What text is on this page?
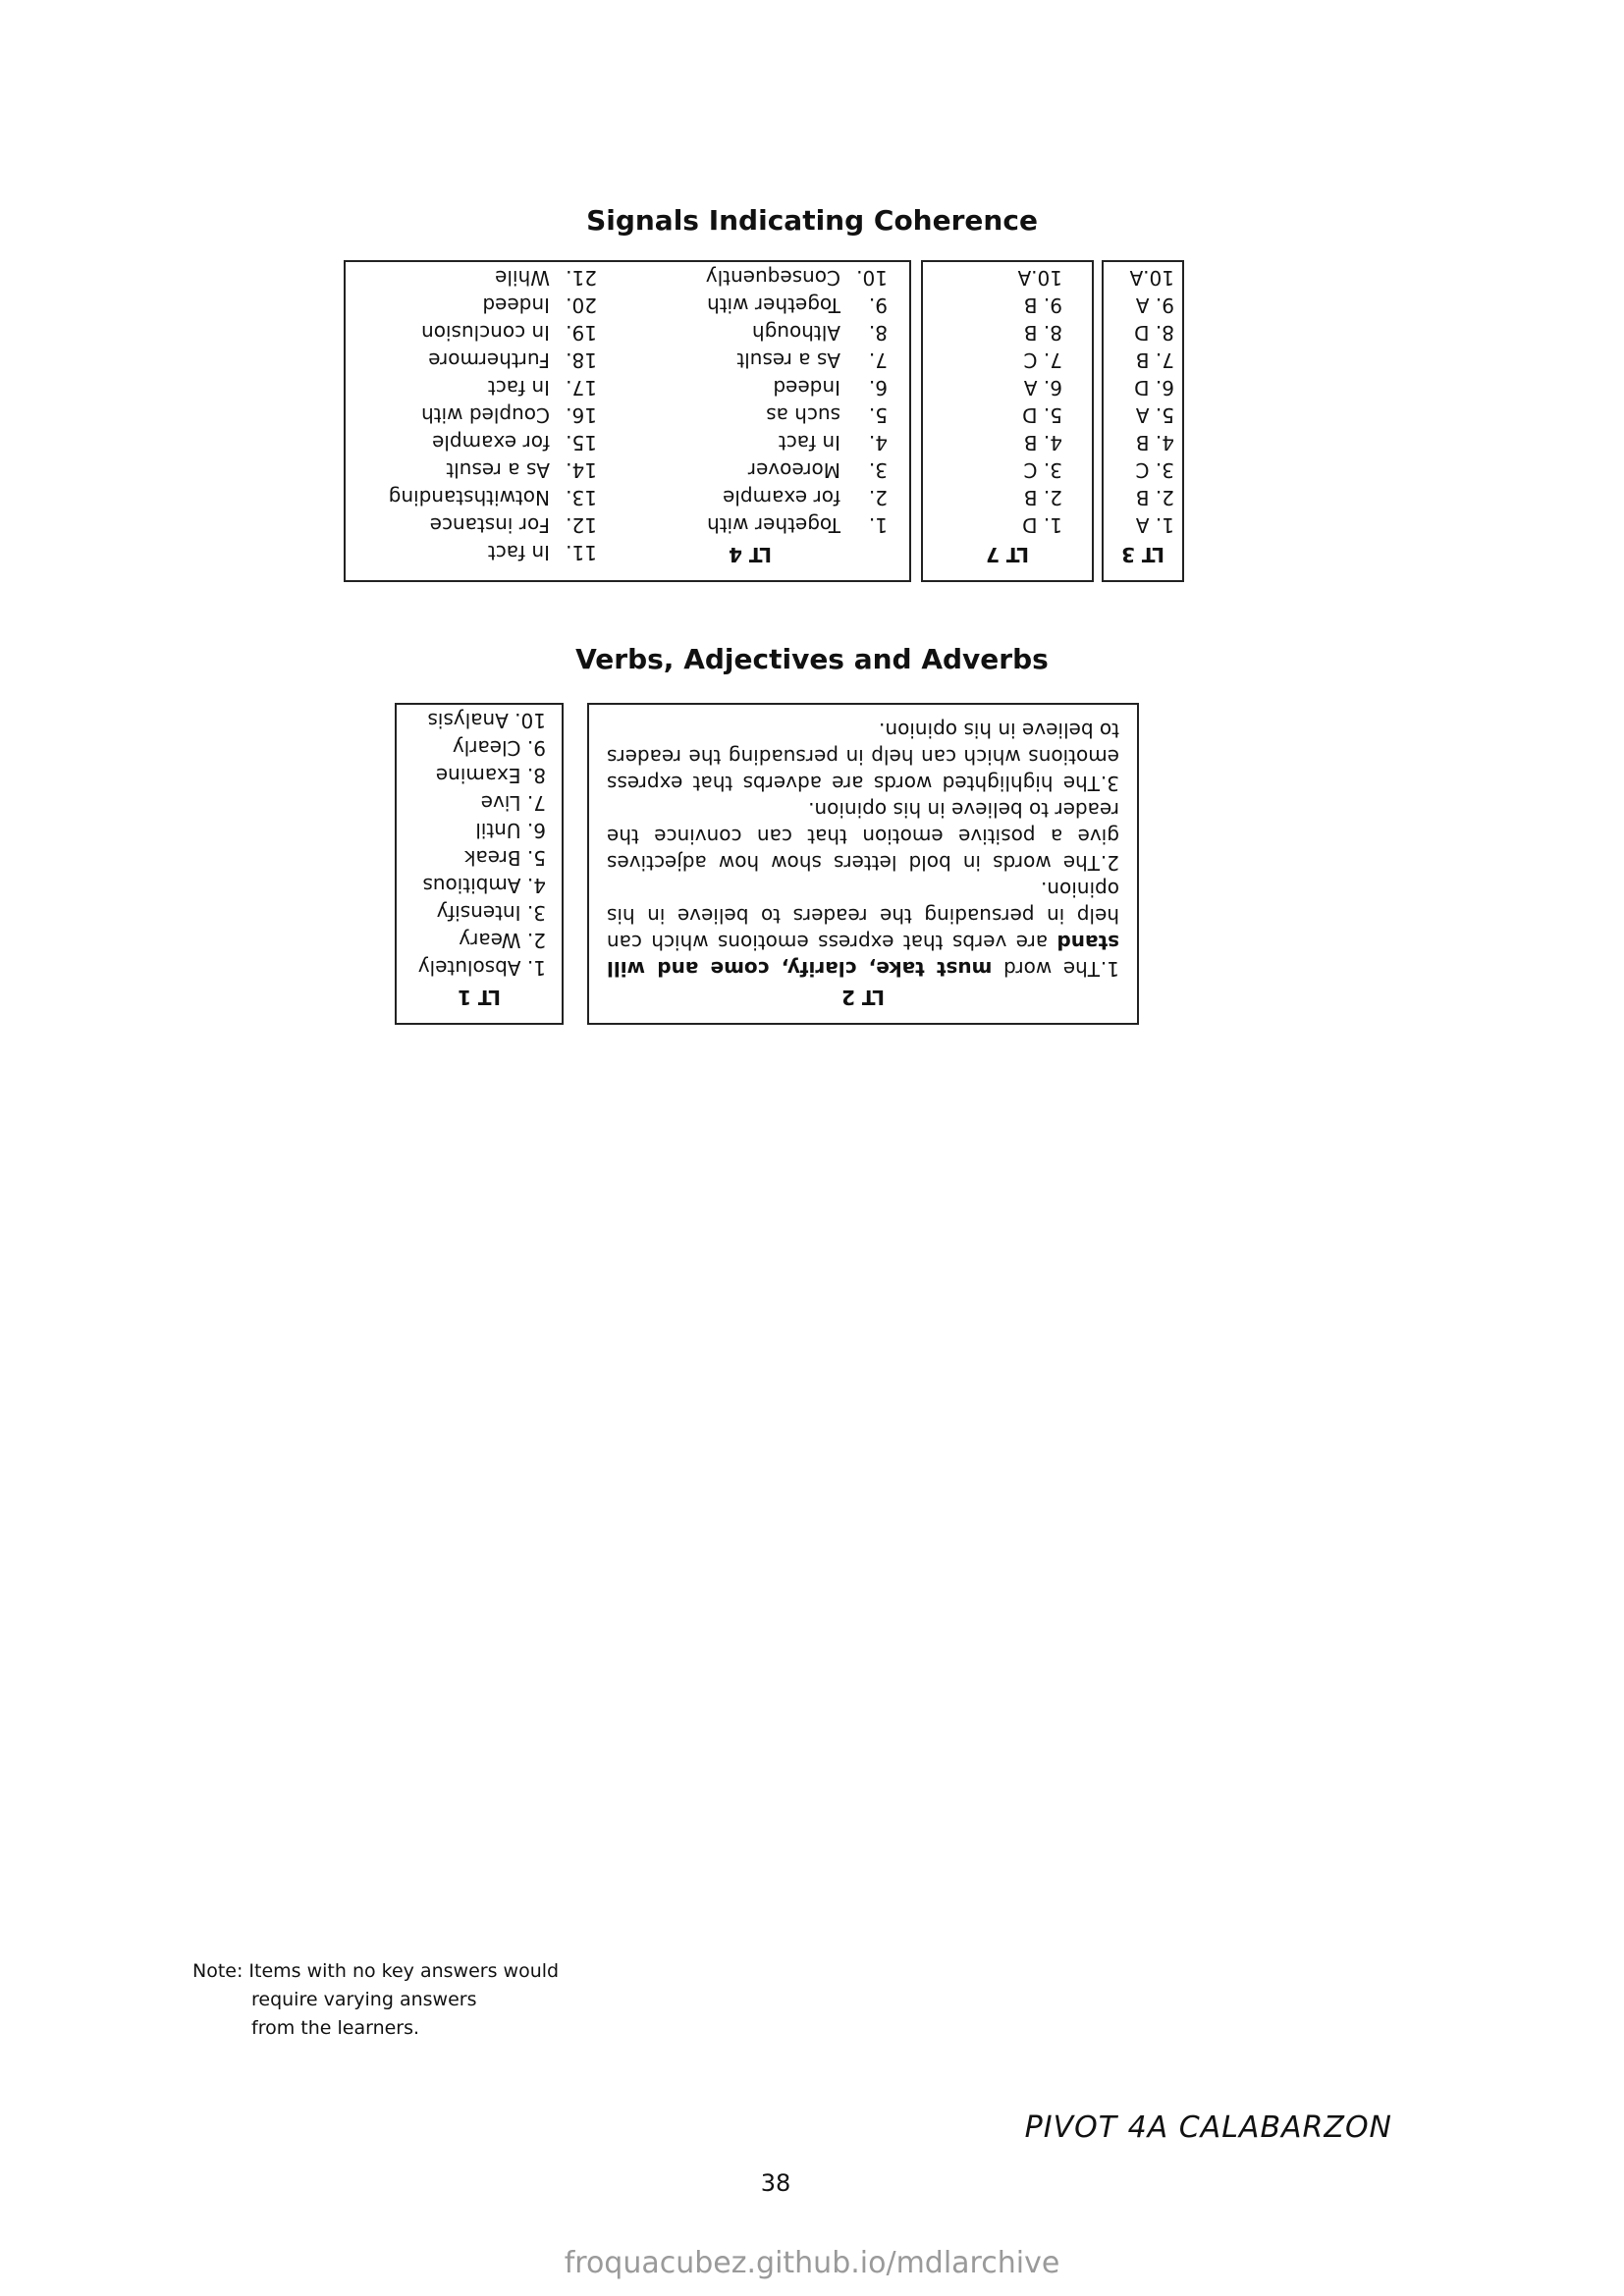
Signals Indicating Coherence
LT 4
1.Together with
2.for example
3.Moreover
4.In fact
5.such as
6.Indeed
7.As a result
8.Although
9.Together with
10.Consequently
11.In fact
12.For instance
13.Notwithstanding
14.As a result
15.for example
16.Coupled with
17.In fact
18.Furthermore
19.In conclusion
20.Indeed
21.While
LT 7
1. D
2. B
3. C
4. B
5. D
6. A
7. C
8. B
9. B
10.A
LT 3
1. A
2. B
3. C
4. B
5. A
6. D
7. B
8. D
9. A
10.A
Verbs, Adjectives and Adverbs
LT 1
1. Absolutely
2. Weary
3. Intensify
4. Ambitious
5. Break
6. Until
7. Live
8. Examine
9. Clearly
10. Analysis
LT 2
1.The word must take, clarify, come and will stand are verbs that express emotions which can help in persuading the readers to believe in his opinion.
2.The words in bold letters show how adjectives give a positive emotion that can convince the reader to believe in his opinion.
3.The highlighted words are adverbs that express emotions which can help in persuading the readers to believe in his opinion.
Note: Items with no key answers would
require varying answers from the learners.
PIVOT 4A CALABARZON
38
froquacubez.github.io/mdlarchive
